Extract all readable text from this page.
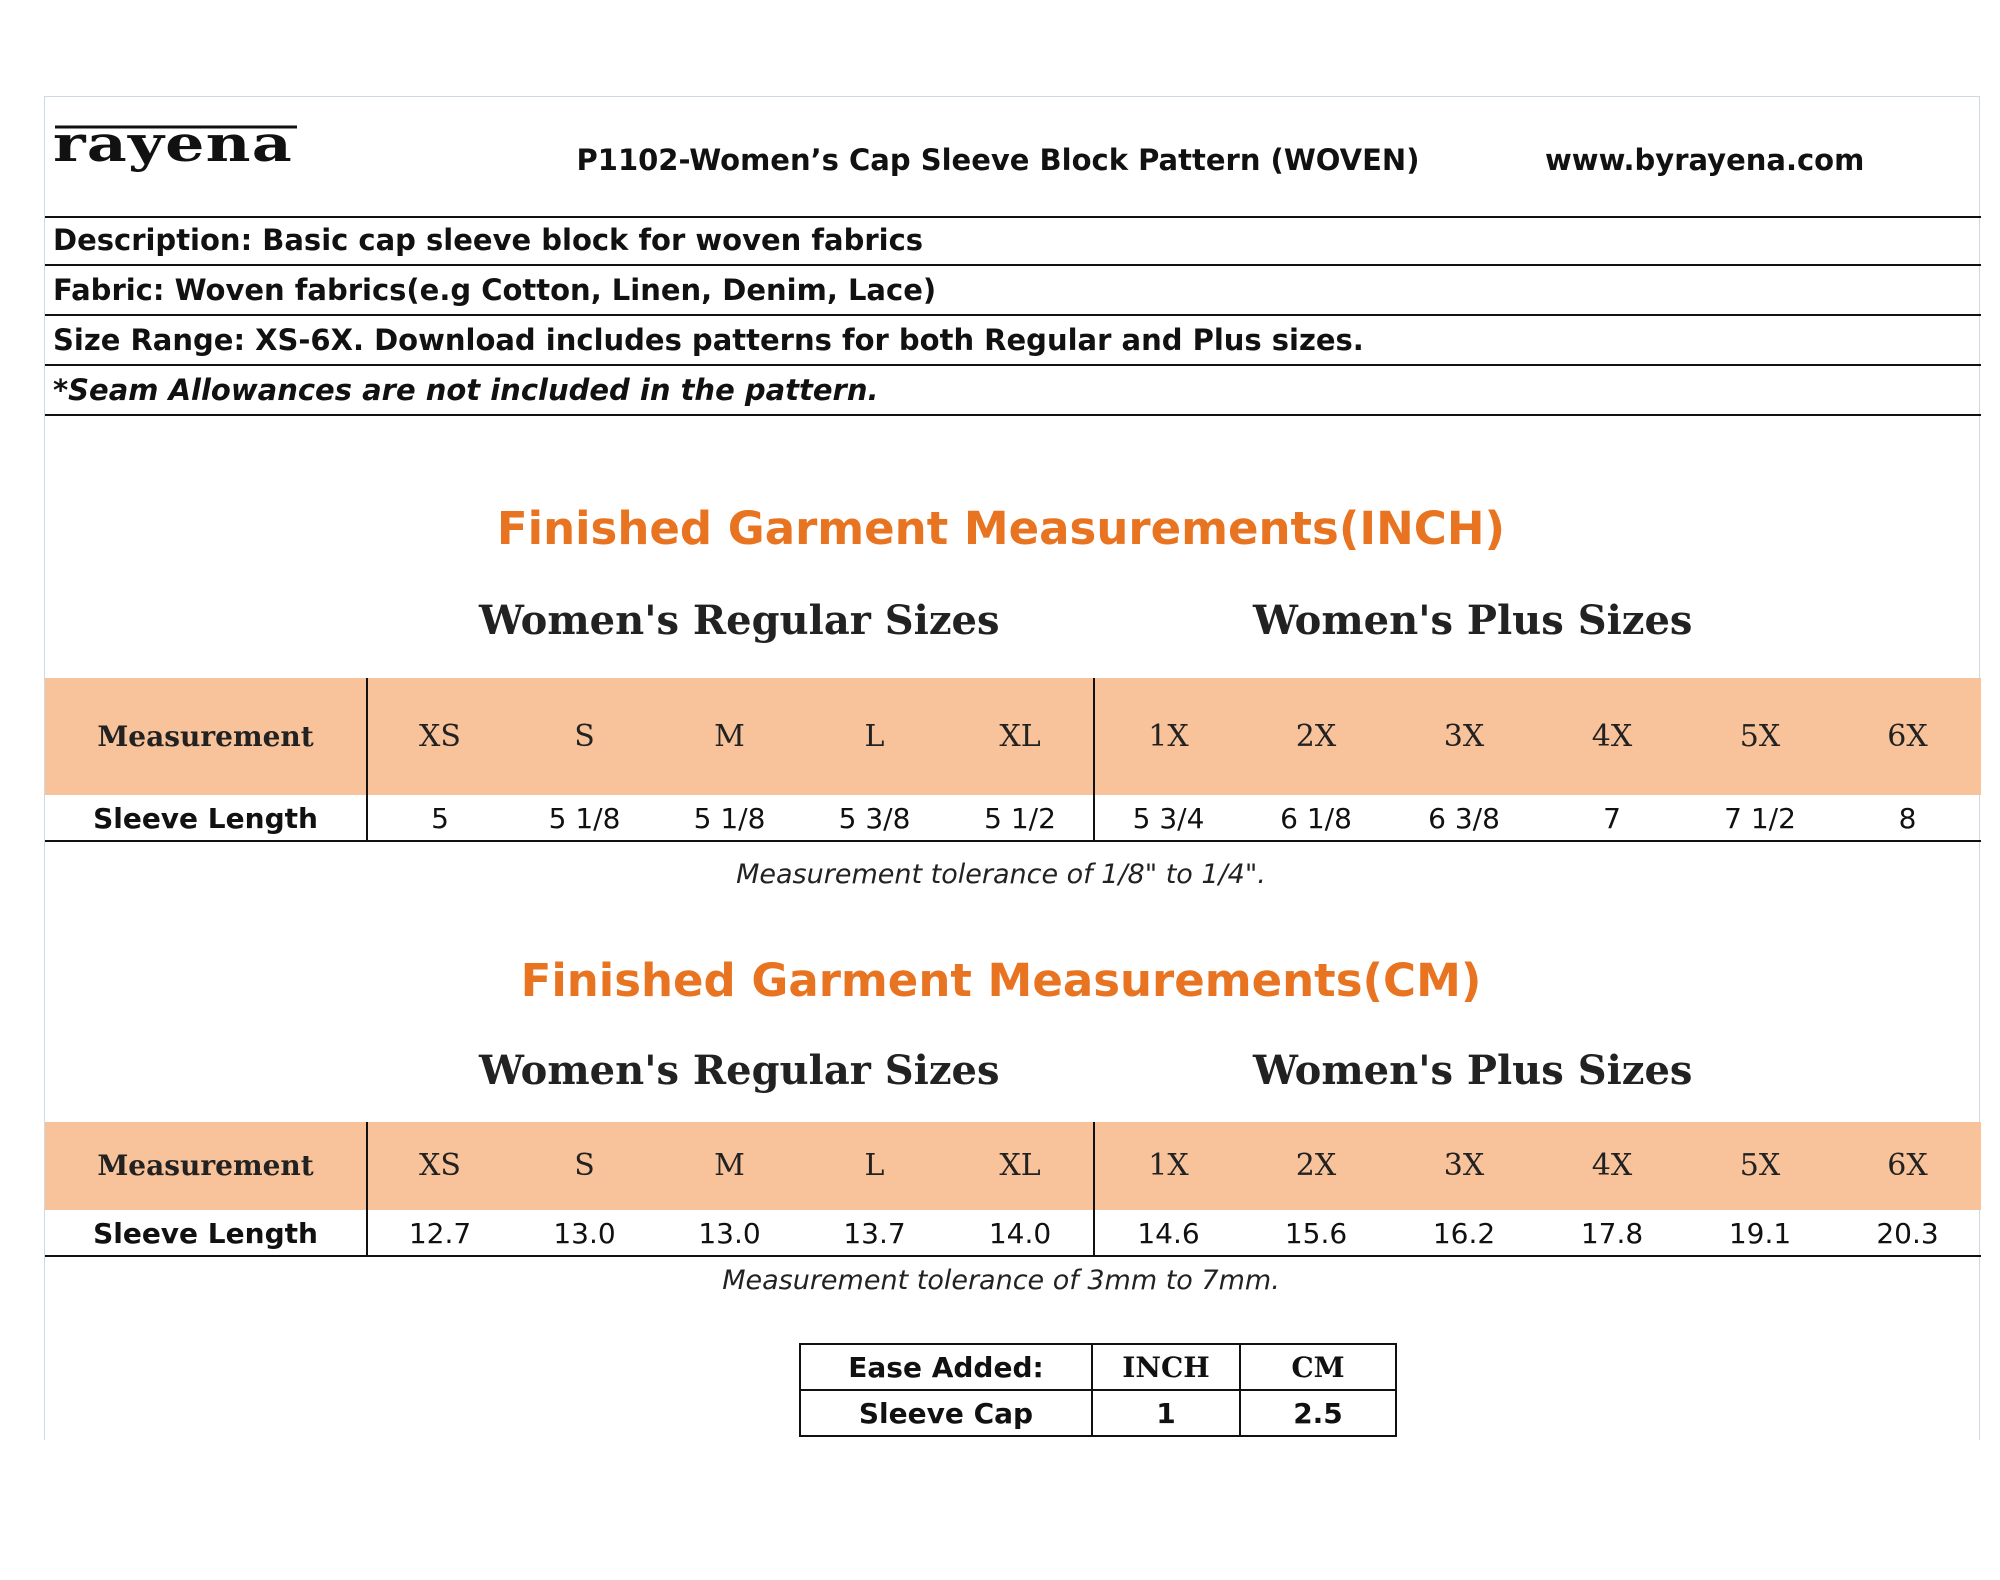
rayena	P1102-Women’s Cap Sleeve Block Pattern (WOVEN)	www.byrayena.com
Description: Basic cap sleeve block for woven fabrics
Fabric: Woven fabrics(e.g Cotton, Linen, Denim, Lace)
Size Range: XS-6X. Download includes patterns for both Regular and Plus sizes.
*Seam Allowances are not included in the pattern.
Finished Garment Measurements(INCH)
Women's Regular Sizes	Women's Plus Sizes
Measurement	XS	S	M	L	XL	1X	2X	3X	4X	5X	6X
Sleeve Length	5	5 1/8	5 1/8	5 3/8	5 1/2	5 3/4	6 1/8	6 3/8	7	7 1/2	8
Measurement tolerance of 1/8" to 1/4".
Finished Garment Measurements(CM)
Women's Regular Sizes	Women's Plus Sizes
Measurement	XS	S	M	L	XL	1X	2X	3X	4X	5X	6X
Sleeve Length	12.7	13.0	13.0	13.7	14.0	14.6	15.6	16.2	17.8	19.1	20.3
Measurement tolerance of 3mm to 7mm.
Ease Added:	INCH	CM
Sleeve Cap	1	2.5
